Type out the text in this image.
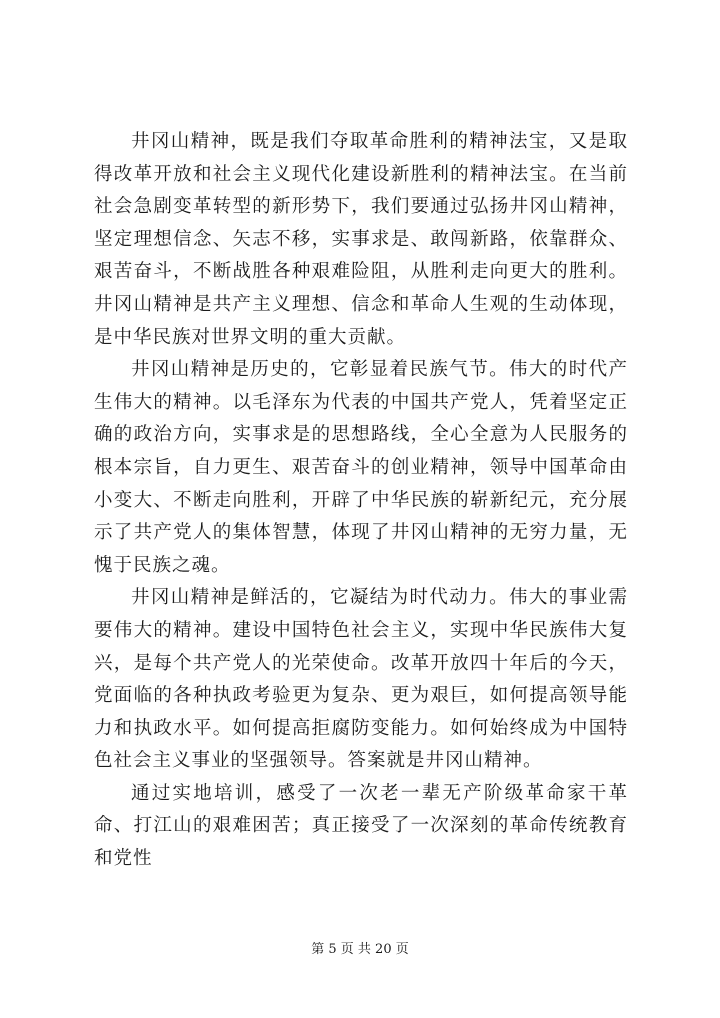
井冈山精神，既是我们夺取革命胜利的精神法宝，又是取得改革开放和社会主义现代化建设新胜利的精神法宝。在当前社会急剧变革转型的新形势下，我们要通过弘扬井冈山精神，坚定理想信念、矢志不移，实事求是、敢闯新路，依靠群众、艰苦奋斗，不断战胜各种艰难险阻，从胜利走向更大的胜利。井冈山精神是共产主义理想、信念和革命人生观的生动体现，是中华民族对世界文明的重大贡献。

井冈山精神是历史的，它彰显着民族气节。伟大的时代产生伟大的精神。以毛泽东为代表的中国共产党人，凭着坚定正确的政治方向，实事求是的思想路线，全心全意为人民服务的根本宗旨，自力更生、艰苦奋斗的创业精神，领导中国革命由小变大、不断走向胜利，开辟了中华民族的崭新纪元，充分展示了共产党人的集体智慧，体现了井冈山精神的无穷力量，无愧于民族之魂。

井冈山精神是鲜活的，它凝结为时代动力。伟大的事业需要伟大的精神。建设中国特色社会主义，实现中华民族伟大复兴，是每个共产党人的光荣使命。改革开放四十年后的今天，党面临的各种执政考验更为复杂、更为艰巨，如何提高领导能力和执政水平。如何提高拒腐防变能力。如何始终成为中国特色社会主义事业的坚强领导。答案就是井冈山精神。

通过实地培训，感受了一次老一辈无产阶级革命家干革命、打江山的艰难困苦；真正接受了一次深刻的革命传统教育和党性

第 5 页 共 20 页
